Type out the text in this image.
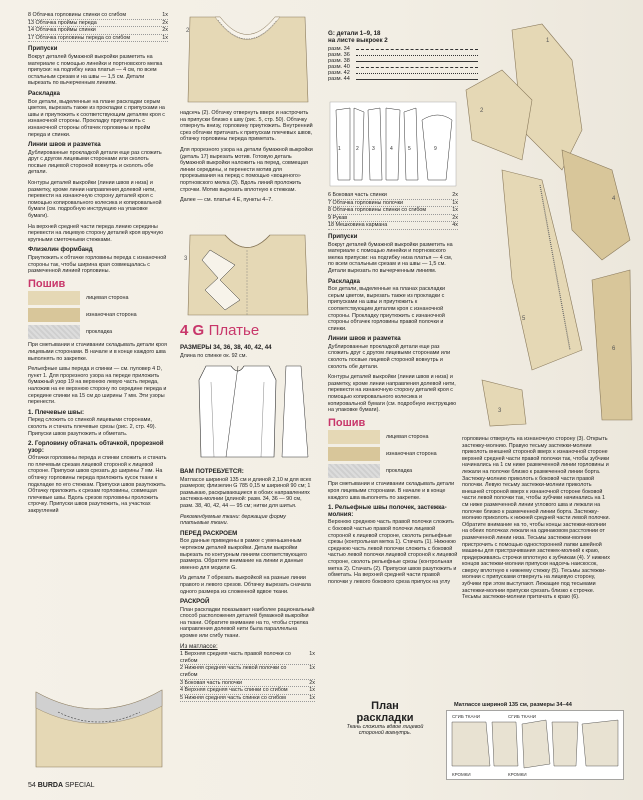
8 Обтачка горловины спинки со сгибом	1х
13 Обтачка проймы переда	2х
14 Обтачка проймы спинки	2х
17 Обтачка горловины переда со сгибом	1х
Припуски

Вокруг деталей бумажной выкройки разметить на материале с помощью линейки и портновского мелка припуски: на подгибку низа платья — 4 см, по всем остальным срезам и на швы — 1,5 см. Детали вырезать по вычерченным линиям.

Раскладка

Все детали, выделенные на плане раскладки серым цветом, вырезать также из прокладки с припусками на швы и приутюжить к соответствующим деталям кроя с изнаночной стороны. Прокладку приутюжить с изнаночной стороны обтачек горловины и пройм переда и спинки.

Линии швов и разметка

Дублированные прокладкой детали еще раз сложить друг с другом лицевыми сторонами или сколоть посвые лицевой стороной вовнутрь и сколоть обе детали.

Контуры деталей выкройки (линии швов и низа) и разметку, кроме линии направления долевой нити, перевести на изнаночную сторону деталей кроя с помощью копировального колесика и копировальной бумаги (см. подробную инструкцию на упаковке бумаги).

На верхней средней части переда линию середины перевести на лицевую сторону деталей кроя вручную крупными сметочными стежками.

Флизелин формбанд

Приутюжить к обтачке горловины переда с изнаночной стороны так, чтобы ширина края совмещалась с размеченной линией горловины.

Пошив
лицевая сторона
изнаночная сторона
прокладка

При сметывании и стачивании складывать детали кроя лицевыми сторонами. В начале и в конце каждого шва выполнять по закрепке.

Рельефные швы переда и спинки — см. пуловер 4 D, пункт 1. Для прорезного узора на переде приложить бумажный узор 19 на верхнюю левую часть переда, наложив на ее верхнюю сторону по середине переда и середине спинки на 15 см до ширины 7 мм. Эти узоры перенести.

1. Плечевые швы:

Перед сложить со спинкой лицевыми сторонами, сколоть и стачать плечевые срезы (рис. 2, стр. 49). Припуски швов разутюжить и обметать.

2. Горловину обтачать обтачкой, прорезной узор:

Обтачки горловины переда и спинки сложить и стачать по плечевым срезам лицевой стороной к лицевой стороне. Припуски швов срезать до ширины 7 мм. На обтачку горловины переда приложить кусок ткани к подкладке по его стежкам. Припуски швов разутюжить. Обтачку приложить к срезам горловины, совмещая плечевые швы. Вдоль срезов горловины проложить строчку. Припуски швов разутюжить, на участках закруглений

2

надсечь (2). Обтачку отвернуть вверх и настрочить на припуски близко к шву (рис. 5, стр. 50). Обтачку отвернуть внизу, горловину приутюжить. Внутренний срез обтачки притачать к припускам плечевых швов, обтачку горловины переда приметать.

Для прорезного узора на детали бумажной выкройки (деталь 17) вырезать мотив. Готовую деталь бумажной выкройки наложить на перед, совмещая линии середины, и перенести мотив для прорезывания на перед с помощью «вощеного» портновского мелка (3). Вдоль линий проложить строчки. Мотив вырезать вплотную к стежкам.

Далее — см. платье 4 E, пункты 4–7.

3
4 G Платье
РАЗМЕРЫ 34, 36, 38, 40, 42, 44

Длина по спинке ок. 92 см.

ВАМ ПОТРЕБУЕТСЯ:

Матлассе шириной 135 см и длиной 2,10 м для всех размеров; флизелин G 785 0,15 м шириной 90 см; 1 размыкаю, раскрывающиеся в обоих направлениях застежка-молнии (длиной: разм. 34, 36 — 90 см, разм. 38, 40, 42, 44 — 95 см; нитки для шитья.

Рекомендуемые ткани: держащие форму платьевые ткани.

ПЕРЕД РАСКРОЕМ

Все данные приведены в рамке с уменьшенным чертежом деталей выкройки. Детали выкройки вырезать по контурным линиям соответствующего размера. Обратите внимание на линии и данные именно для модели G.

Из детали 7 обрезать выкройкой на разные линии правого и левого срезов. Обтачку вырезать сначала одного размера из сложенной вдвое ткани.

РАСКРОЙ

План раскладки показывает наиболее рациональный способ расположения деталей бумажной выкройки на ткани. Обратите внимание на то, чтобы стрелка направления долевой нити была параллельна кромке или сгибу ткани.

Из матлассе:
1 Верхняя средняя часть правой полочки со сгибом
1х
2 Нижняя средняя часть левой полочки со сгибом
1х
3 Боковая часть полочки	2х
4 Верхняя средняя часть спинки со сгибом	1х
5 Нижняя средняя часть спинки со сгибом	1х
G: детали 1–9, 18
на листе выкроек 2
разм. 34
разм. 36
разм. 38
разм. 40
разм. 42
разм. 44
1	2	3	4	5	9
6 Боковая часть спинки	2х
7 Обтачка горловины полочки	1х
8 Обтачка горловины спинки со сгибом	1х
9 Рукав	2х
18 Мешковина кармана	4х
Припуски

Вокруг деталей бумажной выкройки разметить на материале с помощью линейки и портновского мелка припуски: на подгибку низа платья — 4 см, по всем остальным срезам и на швы — 1,5 см. Детали вырезать по вычерченным линиям.

Раскладка

Все детали, выделенные на планах раскладки серым цветом, вырезать также из прокладки с припусками на швы и приутюжить к соответствующим деталям кроя с изнаночной стороны. Прокладку приутюжить с изнаночной стороны обтачек горловины правой полочки и спинки.

Линии швов и разметка

Дублированные прокладкой детали еще раз сложить друг с другом лицевыми сторонами или сколоть посвые лицевой стороной вовнутрь и сколоть обе детали.

Контуры деталей выкройки (линии швов и низа) и разметку, кроме линии направления долевой нити, перевести на изнаночную сторону деталей кроя с помощью копировального колесика и копировальной бумаги (см. подробную инструкцию на упаковке бумаги).

Пошив
лицевая сторона
изнаночная сторона
прокладка

При сметывании и стачивании складывать детали кроя лицевыми сторонами. В начале и в конце каждого шва выполнять по закрепке.

1. Рельефные швы полочек, застежка-молния:

Верхнюю среднюю часть правой полочки сложить с боковой частью правой полочки лицевой стороной к лицевой стороне, сколоть рельефные срезы (контрольная метка 1). Стачать (1). Нижнюю среднюю часть левой полочки сложить с боковой частью левой полочки лицевой стороной к лицевой стороне, сколоть рельефные срезы (контрольная метка 2). Стачать (2). Припуски швов разутюжить и обметать. На верхней средней части правой полочки у левого бокового среза припуск на углу

1
2
4
5
6
3

горловины отвернуть на изнаночную сторону (3). Открыть застежку-молнию. Правую тесьму застежки-молнии приколоть внешней стороной вверх к изнаночной стороне верхней средней части правой полочки так, чтобы зубчики начинались на 1 см ниже размеченной линии горловины и лежали на полочке близко к размеченной линии борта. Застежку-молнию приколоть к боковой части правой полочки. Левую тесьму застежки-молнии приколоть внешней стороной вверх к изнаночной стороне боковой части левой полочки так, чтобы зубчики начинались на 1 см ниже размеченной линии углового шва и лежали на полочке близко к размеченной линии борта. Застежку-молнию приколоть к нижней средней части левой полочки. Обратите внимание на то, чтобы концы застежки-молнии на обеих полочках лежали на одинаковом расстоянии от размеченной линии низа. Тесьмы застежки-молнии пристрочить с помощью односторонней лапки швейной машины для пристрачивания застежек-молний к краю, придерживаясь строчки вплотную к зубчикам (4). У нижних концов застежки-молнии припуски надсечь наискосок, сверху вплотную к нижнему стежку (5). Тесьмы застежки-молнии с припусками отвернуть на лицевую сторону, зубчики при этом выступают. Лежащие под тесьмами застежки-молнии припуски срезать близко к строчке. Тесьмы застежки-молнии притачать к краю (6).

План
раскладки
Ткань сложить вдвое лицевой стороной вовнутрь.
Матлассе шириной 135 см, размеры 34–44
СГИБ ТКАНИ	СГИБ ТКАНИ
КРОМКИ	КРОМКИ
54 BURDA SPECIAL
